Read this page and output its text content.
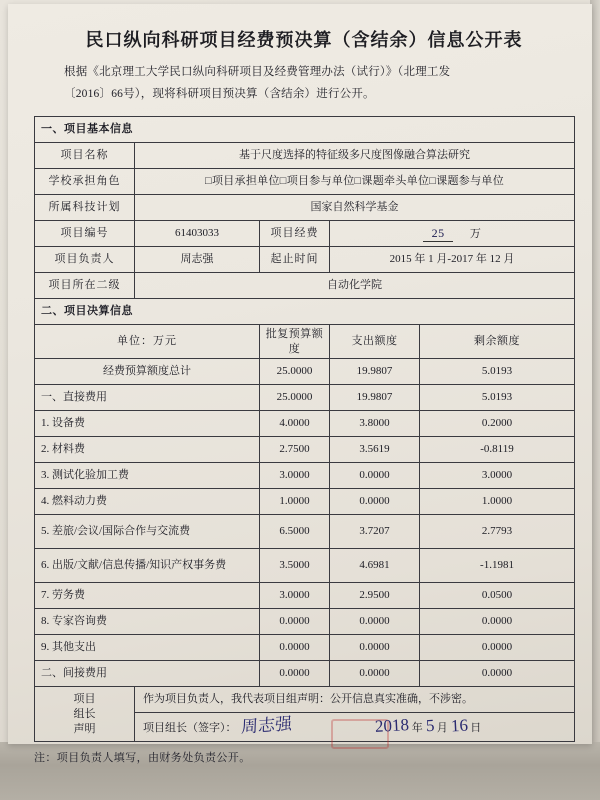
民口纵向科研项目经费预决算（含结余）信息公开表
根据《北京理工大学民口纵向科研项目及经费管理办法（试行）》（北理工发
〔2016〕66号），现将科研项目预决算（含结余）进行公开。
一、项目基本信息				
项目名称	基于尺度选择的特征级多尺度图像融合算法研究			
学校承担角色	□项目承担单位□项目参与单位□课题牵头单位□课题参与单位			
所属科技计划	国家自然科学基金			
项目编号	61403033	项目经费	25 万	
项目负责人	周志强	起止时间	2015 年 1 月-2017 年 12 月	
项目所在二级	自动化学院			
二、项目决算信息				
单位：万元		批复预算额度	支出额度	剩余额度
经费预算额度总计		25.0000	19.9807	5.0193
一、直接费用		25.0000	19.9807	5.0193
1. 设备费		4.0000	3.8000	0.2000
2. 材料费		2.7500	3.5619	-0.8119
3. 测试化验加工费		3.0000	0.0000	3.0000
4. 燃料动力费		1.0000	0.0000	1.0000
5. 差旅/会议/国际合作与交流费		6.5000	3.7207	2.7793
6. 出版/文献/信息传播/知识产权事务费		3.5000	4.6981	-1.1981
7. 劳务费		3.0000	2.9500	0.0500
8. 专家咨询费		0.0000	0.0000	0.0000
9. 其他支出		0.0000	0.0000	0.0000
二、间接费用		0.0000	0.0000	0.0000

项目
组长
声明	作为项目负责人，我代表项目组声明：公开信息真实准确，不涉密。			
	项目组长（签字）： 周志强 2018 年 5 月 16 日			
注：项目负责人填写，由财务处负责公开。
